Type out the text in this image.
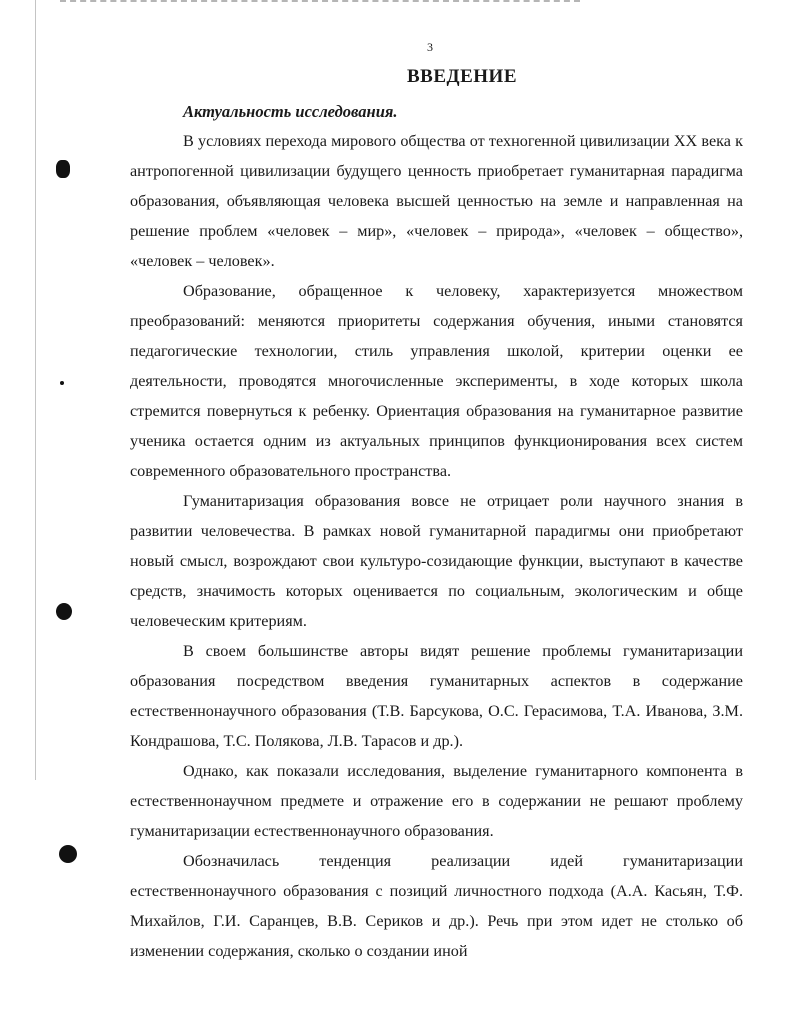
3
ВВЕДЕНИЕ
Актуальность исследования.

В условиях перехода мирового общества от техногенной цивилизации XX века к антропогенной цивилизации будущего ценность приобретает гуманитарная парадигма образования, объявляющая человека высшей ценностью на земле и направленная на решение проблем «человек – мир», «человек – природа», «человек – общество», «человек – человек».

Образование, обращенное к человеку, характеризуется множеством преобразований: меняются приоритеты содержания обучения, иными становятся педагогические технологии, стиль управления школой, критерии оценки ее деятельности, проводятся многочисленные эксперименты, в ходе которых школа стремится повернуться к ребенку. Ориентация образования на гуманитарное развитие ученика остается одним из актуальных принципов функционирования всех систем современного образовательного пространства.

Гуманитаризация образования вовсе не отрицает роли научного знания в развитии человечества. В рамках новой гуманитарной парадигмы они приобретают новый смысл, возрождают свои культуро-созидающие функции, выступают в качестве средств, значимость которых оценивается по социальным, экологическим и обще человеческим критериям.

В своем большинстве авторы видят решение проблемы гуманитаризации образования посредством введения гуманитарных аспектов в содержание естественнонаучного образования (Т.В. Барсукова, О.С. Герасимова, Т.А. Иванова, З.М. Кондрашова, Т.С. Полякова, Л.В. Тарасов и др.).

Однако, как показали исследования, выделение гуманитарного компонента в естественнонаучном предмете и отражение его в содержании не решают проблему гуманитаризации естественнонаучного образования.

Обозначилась тенденция реализации идей гуманитаризации естественнонаучного образования с позиций личностного подхода (А.А. Касьян, Т.Ф. Михайлов, Г.И. Саранцев, В.В. Сериков и др.). Речь при этом идет не столько об изменении содержания, сколько о создании иной
